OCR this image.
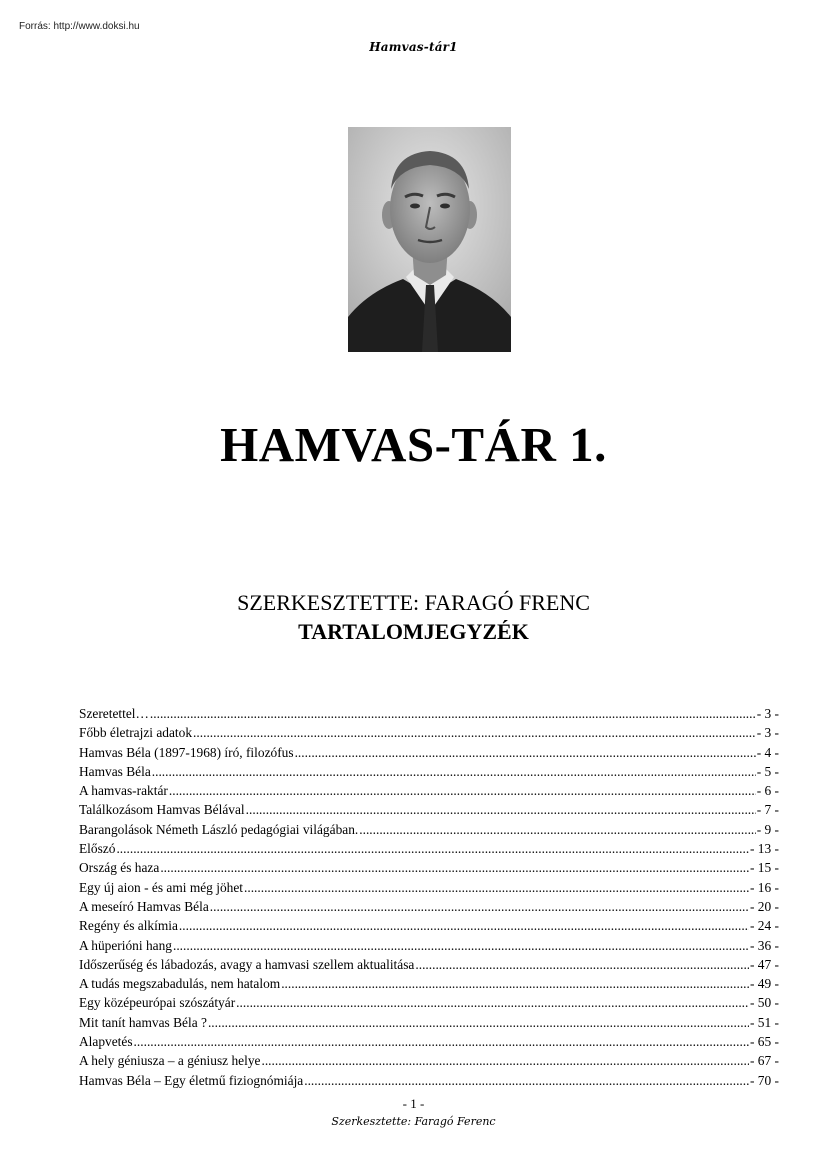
Forrás: http://www.doksi.hu
Hamvas-tár1
HAMVAS-TÁR 1.
SZERKESZTETTE: FARAGÓ FRENC
TARTALOMJEGYZÉK
Szeretettel… .....	- 3 -
Főbb életrajzi adatok .....	- 3 -
Hamvas Béla (1897-1968) író, filozófus .....	- 4 -
Hamvas Béla .....	- 5 -
A hamvas-raktár .....	- 6 -
Találkozásom Hamvas Bélával .....	- 7 -
Barangolások Németh László pedagógiai világában. .....	- 9 -
Előszó .....	- 13 -
Ország és haza .....	- 15 -
Egy új aion - és ami még jöhet .....	- 16 -
A meseíró Hamvas Béla .....	- 20 -
Regény és alkímia .....	- 24 -
A hüperióni hang .....	- 36 -
Időszerűség és lábadozás, avagy a hamvasi szellem aktualitása .....	- 47 -
A tudás megszabadulás, nem hatalom .....	- 49 -
Egy középeurópai szószátyár .....	- 50 -
Mit tanít hamvas Béla ? .....	- 51 -
Alapvetés .....	- 65 -
A hely géniusza – a géniusz helye .....	- 67 -
Hamvas Béla – Egy életmű fiziognómiája .....	- 70 -
- 1 -
Szerkesztette: Faragó Ferenc
